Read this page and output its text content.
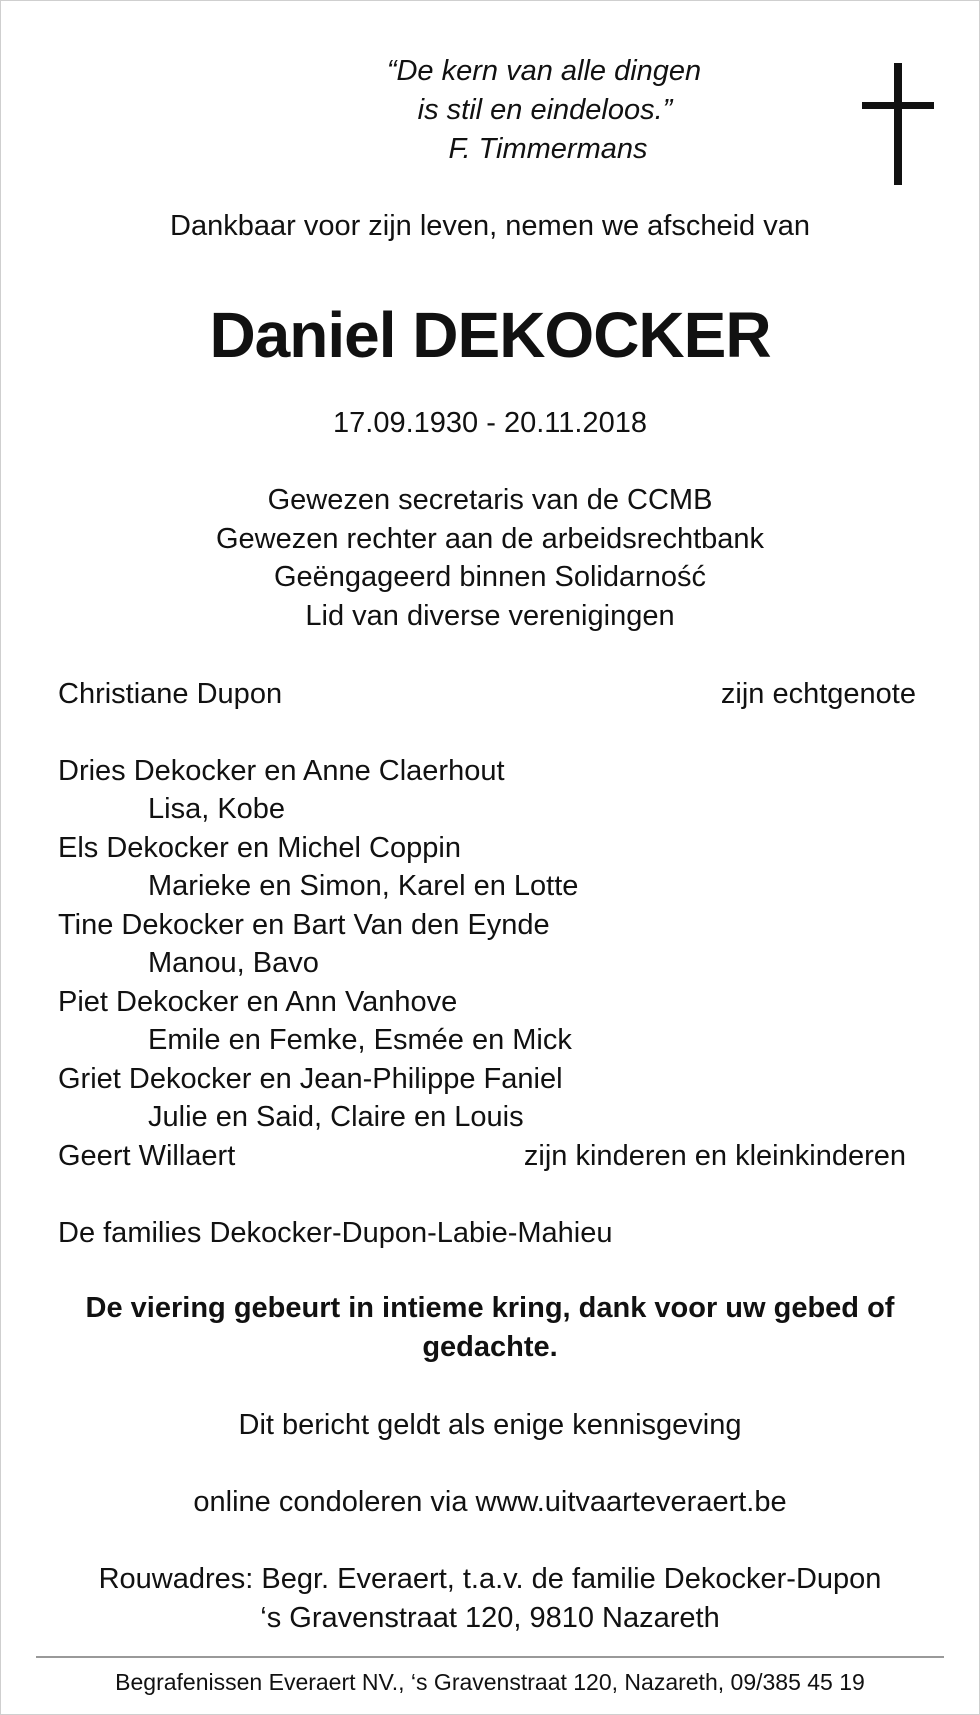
“De kern van alle dingen
is stil en eindeloos.”
F. Timmermans
Dankbaar voor zijn leven, nemen we afscheid van
Daniel DEKOCKER
17.09.1930 - 20.11.2018
Gewezen secretaris van de CCMB
Gewezen rechter aan de arbeidsrechtbank
Geëngageerd binnen Solidarność
Lid van diverse verenigingen
Christiane Dupon	zijn echtgenote
Dries Dekocker en Anne Claerhout
Lisa, Kobe
Els Dekocker en Michel Coppin
Marieke en Simon, Karel en Lotte
Tine Dekocker en Bart Van den Eynde
Manou, Bavo
Piet Dekocker en Ann Vanhove
Emile en Femke, Esmée en Mick
Griet Dekocker en Jean-Philippe Faniel
Julie en Said, Claire en Louis
Geert Willaert	zijn kinderen en kleinkinderen
De families Dekocker-Dupon-Labie-Mahieu
De viering gebeurt in intieme kring, dank voor uw gebed of gedachte.
Dit bericht geldt als enige kennisgeving
online condoleren via www.uitvaarteveraert.be
Rouwadres: Begr. Everaert, t.a.v. de familie Dekocker-Dupon
‘s Gravenstraat 120, 9810 Nazareth
Begrafenissen Everaert NV., ‘s Gravenstraat 120, Nazareth, 09/385 45 19
